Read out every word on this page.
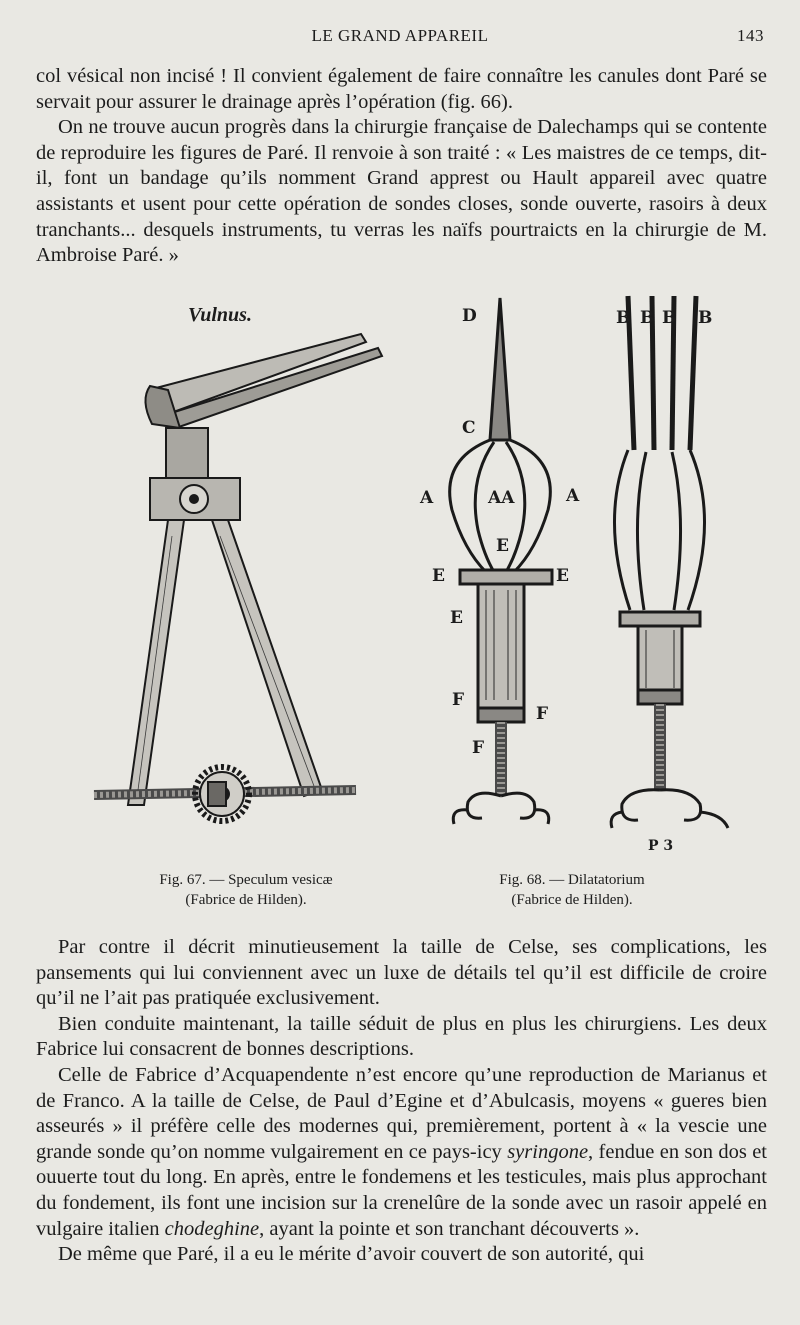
LE GRAND APPAREIL	143

col vésical non incisé ! Il convient également de faire connaître les canules dont Paré se servait pour assurer le drainage après l’opération (fig. 66).

On ne trouve aucun progrès dans la chirurgie française de Dalechamps qui se contente de reproduire les figures de Paré. Il renvoie à son traité : « Les maistres de ce temps, dit-il, font un bandage qu’ils nomment Grand apprest ou Hault appareil avec quatre assistants et usent pour cette opération de sondes closes, sonde ouverte, rasoirs à deux tranchants... desquels instruments, tu verras les naïfs pourtraicts en la chirurgie de M. Ambroise Paré. »

Vulnus.
Fig. 67. — Speculum vesicæ
(Fabrice de Hilden).
D
C
A	AA	A
E
E	E
E
F
F
F
B B B B
P 3
Fig. 68. — Dilatatorium
(Fabrice de Hilden).

Par contre il décrit minutieusement la taille de Celse, ses complications, les pansements qui lui conviennent avec un luxe de détails tel qu’il est difficile de croire qu’il ne l’ait pas pratiquée exclusivement.

Bien conduite maintenant, la taille séduit de plus en plus les chirurgiens. Les deux Fabrice lui consacrent de bonnes descriptions.

Celle de Fabrice d’Acquapendente n’est encore qu’une reproduction de Marianus et de Franco. A la taille de Celse, de Paul d’Egine et d’Abulcasis, moyens « gueres bien asseurés » il préfère celle des modernes qui, premièrement, portent à « la vescie une grande sonde qu’on nomme vulgairement en ce pays-icy syringone, fendue en son dos et ouuerte tout du long. En après, entre le fondemens et les testicules, mais plus approchant du fondement, ils font une incision sur la crenelûre de la sonde avec un rasoir appelé en vulgaire italien chodeghine, ayant la pointe et son tranchant découverts ».

De même que Paré, il a eu le mérite d’avoir couvert de son autorité, qui
